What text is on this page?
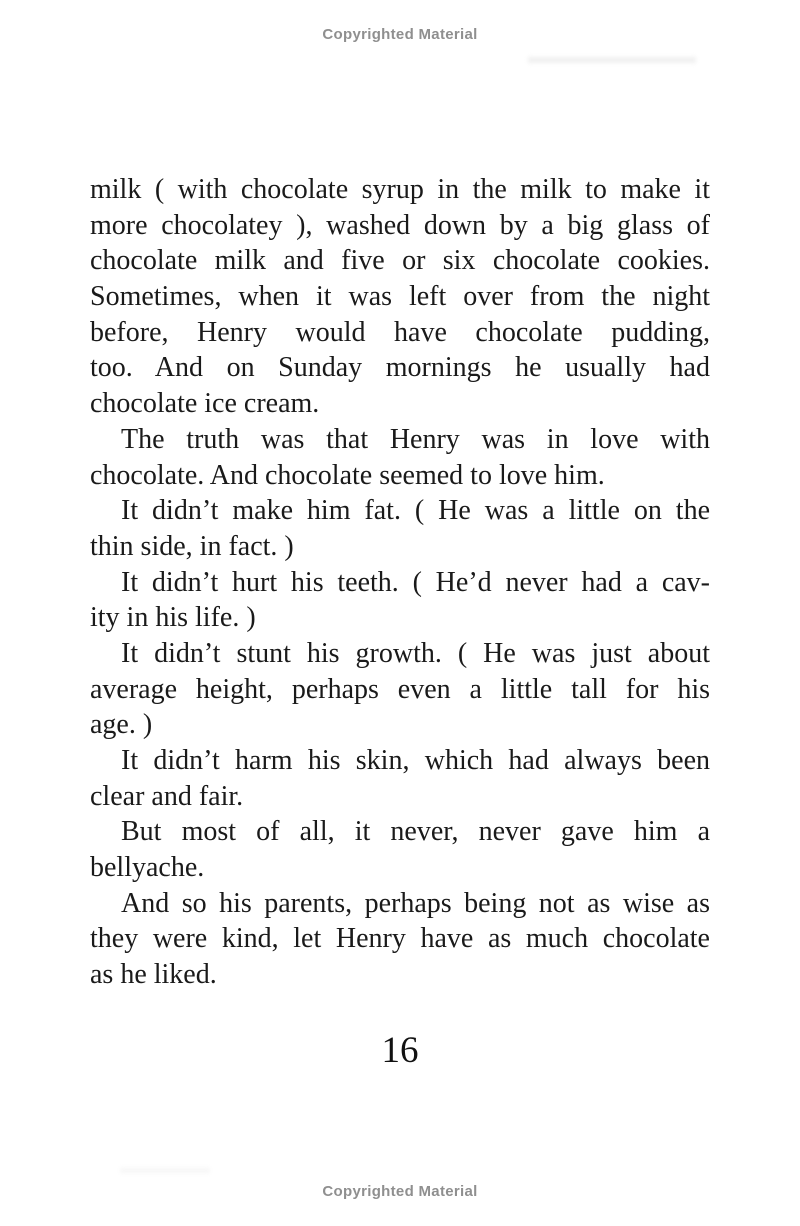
Copyrighted Material
milk ( with chocolate syrup in the milk to make it
more chocolatey ), washed down by a big glass of
chocolate milk and five or six chocolate cookies.
Sometimes, when it was left over from the night
before, Henry would have chocolate pudding,
too. And on Sunday mornings he usually had
chocolate ice cream.
The truth was that Henry was in love with
chocolate. And chocolate seemed to love him.
It didn’t make him fat. ( He was a little on the
thin side, in fact. )
It didn’t hurt his teeth. ( He’d never had a cav-
ity in his life. )
It didn’t stunt his growth. ( He was just about
average height, perhaps even a little tall for his
age. )
It didn’t harm his skin, which had always been
clear and fair.
But most of all, it never, never gave him a
bellyache.
And so his parents, perhaps being not as wise as
they were kind, let Henry have as much chocolate
as he liked.
16
Copyrighted Material
